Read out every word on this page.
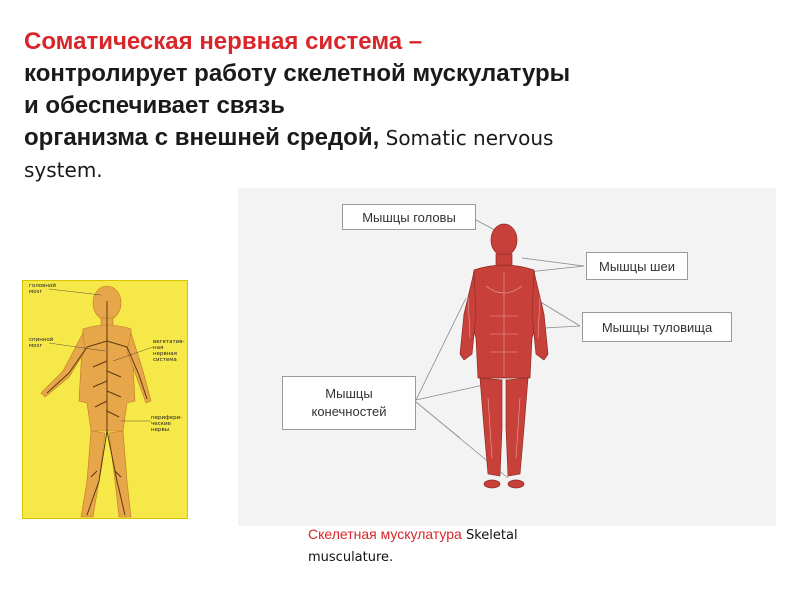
Соматическая нервная система –
контролирует работу скелетной мускулатуры
и обеспечивает связь
организма с внешней средой, Somatic nervous
system.
головной мозг
спинной мозг
вегетатив-ная нервная система
перифери-ческие нервы
Мышцы головы
Мышцы шеи
Мышцы туловища
Мышцы
конечностей
Скелетная мускулатура Skeletal
musculature.
